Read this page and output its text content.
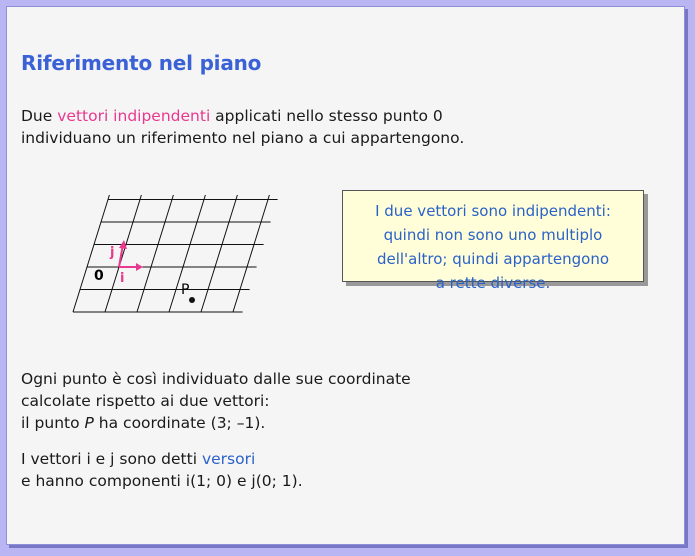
Riferimento nel piano
Due vettori indipendenti applicati nello stesso punto 0
individuano un riferimento nel piano a cui appartengono.
0 i
j
P
I due vettori sono indipendenti:
quindi non sono uno multiplo
dell'altro; quindi appartengono
a rette diverse.
Ogni punto è così individuato dalle sue coordinate
calcolate rispetto ai due vettori:
il punto P ha coordinate (3; –1).
I vettori i e j sono detti versori
e hanno componenti i(1; 0) e j(0; 1).
